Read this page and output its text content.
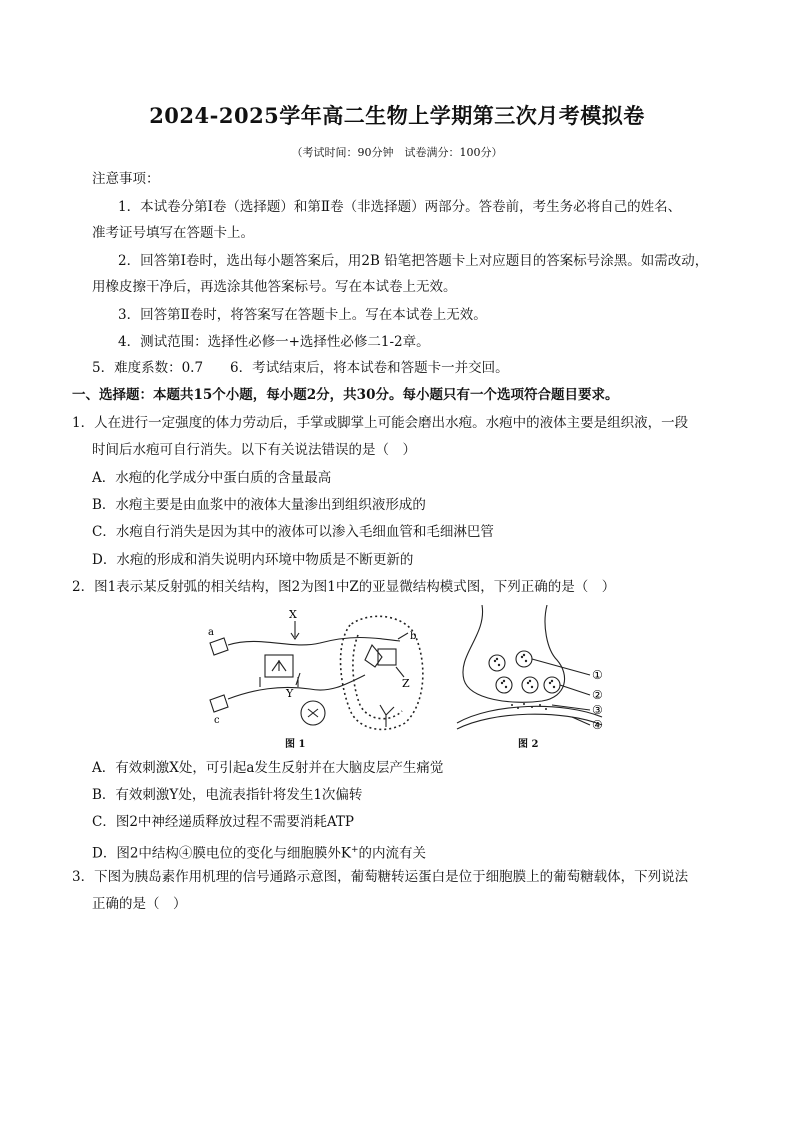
2024-2025学年高二生物上学期第三次月考模拟卷
（考试时间：90分钟　试卷满分：100分）
注意事项：
1．本试卷分第Ⅰ卷（选择题）和第Ⅱ卷（非选择题）两部分。答卷前，考生务必将自己的姓名、
准考证号填写在答题卡上。
2．回答第Ⅰ卷时，选出每小题答案后，用2B 铅笔把答题卡上对应题目的答案标号涂黑。如需改动，
用橡皮擦干净后，再选涂其他答案标号。写在本试卷上无效。
3．回答第Ⅱ卷时，将答案写在答题卡上。写在本试卷上无效。
4．测试范围：选择性必修一+选择性必修二1-2章。
5．难度系数：0.7　　6．考试结束后，将本试卷和答题卡一并交回。
一、选择题：本题共15个小题，每小题2分，共30分。每小题只有一个选项符合题目要求。
1．人在进行一定强度的体力劳动后，手掌或脚掌上可能会磨出水疱。水疱中的液体主要是组织液，一段
时间后水疱可自行消失。以下有关说法错误的是（　）
A．水疱的化学成分中蛋白质的含量最高
B．水疱主要是由血浆中的液体大量渗出到组织液形成的
C．水疱自行消失是因为其中的液体可以渗入毛细血管和毛细淋巴管
D．水疱的形成和消失说明内环境中物质是不断更新的
2．图1表示某反射弧的相关结构，图2为图1中Z的亚显微结构模式图，下列正确的是（　）
a	b
c
X
Y
Z
图 1
①
②
③
④
图 2
A．有效刺激X处，可引起a发生反射并在大脑皮层产生痛觉
B．有效刺激Y处，电流表指针将发生1次偏转
C．图2中神经递质释放过程不需要消耗ATP
D．图2中结构④膜电位的变化与细胞膜外K+的内流有关
3．下图为胰岛素作用机理的信号通路示意图，葡萄糖转运蛋白是位于细胞膜上的葡萄糖载体，下列说法
正确的是（　）
